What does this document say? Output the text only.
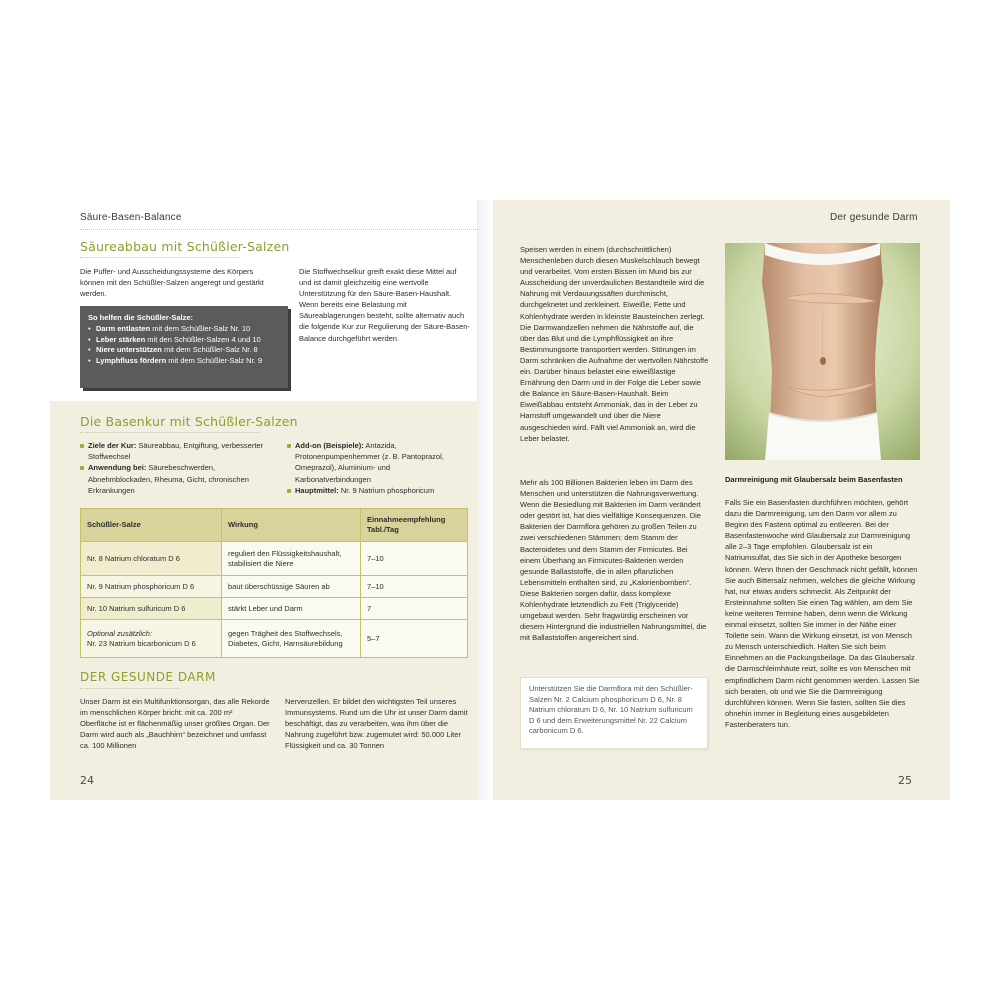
Säure-Basen-Balance
Säureabbau mit Schüßler-Salzen

Die Puffer- und Ausscheidungssysteme des Körpers können mit den Schüßler-Salzen angeregt und gestärkt werden.

Die Stoffwechselkur greift exakt diese Mittel auf und ist damit gleichzeitig eine wertvolle Unterstützung für den Säure-Basen-Haushalt. Wenn bereits eine Belastung mit Säureablagerungen besteht, sollte alternativ auch die folgende Kur zur Regulierung der Säure-Basen-Balance durchgeführt werden.

So helfen die Schüßler-Salze:
• Darm entlasten mit dem Schüßler-Salz Nr. 10
• Leber stärken mit den Schüßler-Salzen 4 und 10
• Niere unterstützen mit dem Schüßler-Salz Nr. 8
• Lymphfluss fördern mit dem Schüßler-Salz Nr. 9
Die Basenkur mit Schüßler-Salzen
Ziele der Kur: Säureabbau, Entgiftung, verbesserter Stoffwechsel
Anwendung bei: Säurebeschwerden, Abnehmblockaden, Rheuma, Gicht, chronischen Erkrankungen
Add-on (Beispiele): Antazida, Protonenpumpenhemmer (z. B. Pantoprazol, Omeprazol), Aluminium- und Karbonatverbindungen
Hauptmittel: Nr. 9 Natrium phosphoricum
Schüßler-Salze	Wirkung	Einnahmeempfehlung Tabl./Tag
Nr. 8 Natrium chloratum D 6	reguliert den Flüssigkeitshaushalt, stabilisiert die Niere	7–10
Nr. 9 Natrium phosphoricum D 6	baut überschüssige Säuren ab	7–10
Nr. 10 Natrium sulfuricum D 6	stärkt Leber und Darm	7
Optional zusätzlich:
Nr. 23 Natrium bicarbonicum D 6	gegen Trägheit des Stoffwechsels, Diabetes, Gicht, Harnsäurebildung	5–7
DER GESUNDE DARM

Unser Darm ist ein Multifunktionsorgan, das alle Rekorde im menschlichen Körper bricht: mit ca. 200 m² Oberfläche ist er flächenmäßig unser größtes Organ. Der Darm wird auch als „Bauchhirn“ bezeichnet und umfasst ca. 100 Millionen

Nervenzellen. Er bildet den wichtigsten Teil unseres Immunsystems. Rund um die Uhr ist unser Darm damit beschäftigt, das zu verarbeiten, was ihm über die Nahrung zugeführt bzw. zugemutet wird: 50.000 Liter Flüssigkeit und ca. 30 Tonnen

24
Der gesunde Darm

Speisen werden in einem (durchschnittlichen) Menschenleben durch diesen Muskelschlauch bewegt und verarbeitet. Vom ersten Bissen im Mund bis zur Ausscheidung der unverdaulichen Bestandteile wird die Nahrung mit Verdauungssäften durchmischt, durchgeknetet und zerkleinert. Eiweiße, Fette und Kohlenhydrate werden in kleinste Bausteinchen zerlegt. Die Darmwandzellen nehmen die Nährstoffe auf, die über das Blut und die Lymphflüssigkeit an ihre Bestimmungsorte transportiert werden. Störungen im Darm schränken die Aufnahme der wertvollen Nährstoffe ein. Darüber hinaus belastet eine eiweißlastige Ernährung den Darm und in der Folge die Leber sowie die Balance im Säure-Basen-Haushalt. Beim Eiweißabbau entsteht Ammoniak, das in der Leber zu Harnstoff umgewandelt und über die Niere ausgeschieden wird. Fällt viel Ammoniak an, wird die Leber belastet.

Mehr als 100 Billionen Bakterien leben im Darm des Menschen und unterstützen die Nahrungsverwertung. Wenn die Besiedlung mit Bakterien im Darm verändert oder gestört ist, hat dies vielfältige Konsequenzen. Die Bakterien der Darmflora gehören zu großen Teilen zu zwei verschiedenen Stämmen: dem Stamm der Bacteroidetes und dem Stamm der Firmicutes. Bei einem Überhang an Firmicutes-Bakterien werden gesunde Ballaststoffe, die in allen pflanzlichen Lebensmitteln enthalten sind, zu „Kalorienbomben“. Diese Bakterien sorgen dafür, dass komplexe Kohlenhydrate letztendlich zu Fett (Triglyceride) umgebaut werden. Sehr fragwürdig erscheinen vor diesem Hintergrund die industriellen Nahrungsmittel, die mit Ballaststoffen angereichert sind.

Unterstützen Sie die Darmflora mit den Schüßler-Salzen Nr. 2 Calcium phosphoricum D 6, Nr. 8 Natrium chloratum D 6, Nr. 10 Natrium sulfuricum D 6 und dem Erweiterungsmittel Nr. 22 Calcium carbonicum D 6.

Darmreinigung mit Glaubersalz beim Basenfasten

Falls Sie ein Basenfasten durchführen möchten, gehört dazu die Darmreinigung, um den Darm vor allem zu Beginn des Fastens optimal zu entleeren. Bei der Basenfastenwoche wird Glaubersalz zur Darmreinigung alle 2–3 Tage empfohlen. Glaubersalz ist ein Natriumsulfat, das Sie sich in der Apotheke besorgen können. Wenn Ihnen der Geschmack nicht gefällt, können Sie auch Bittersalz nehmen, welches die gleiche Wirkung hat, nur etwas anders schmeckt. Als Zeitpunkt der Ersteinnahme sollten Sie einen Tag wählen, am dem Sie keine weiteren Termine haben, denn wenn die Wirkung einmal einsetzt, sollten Sie immer in der Nähe einer Toilette sein. Wann die Wirkung einsetzt, ist von Mensch zu Mensch unterschiedlich. Halten Sie sich beim Einnehmen an die Packungsbeilage. Da das Glaubersalz die Darmschleimhäute reizt, sollte es von Menschen mit empfindlichem Darm nicht genommen werden. Lassen Sie sich beraten, ob und wie Sie die Darmreinigung durchführen können. Wenn Sie fasten, sollten Sie dies ohnehin immer in Begleitung eines ausgebildeten Fastenberaters tun.

25
